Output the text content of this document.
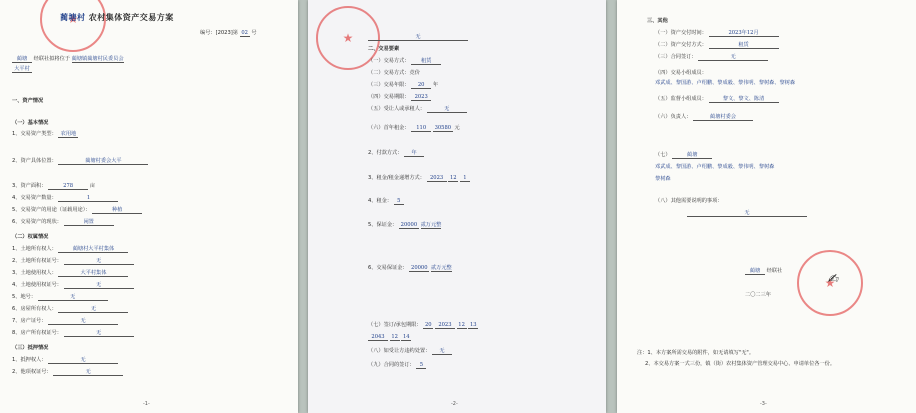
★
蔺塘村 农村集体资产交易方案
编号：[2023]第 02 号
蔺塘 经联社拟将位于 蔺塘镇蔺塘村民委员会
大平村
一、资产情况
（一）基本情况
1、交易资产类型： 农用地
2、资产具体位置：	蔺塘村委会大平
3、资产面积：	278	亩
4、交易资产数量：	1
5、交易资产的用途（证载用途）：	种植
6、交易资产的现状：	闲置
（二）权属情况
1、土地所有权人：	蔺塘村大平村集体
2、土地所有权证号：	无
3、土地使用权人：	大平村集体
4、土地使用权证号：	无
5、地号：	无
6、房屋所有权人：	无
7、房产证号：	无
8、房产所有权证号：	无
（三）抵押情况
1、抵押权人：	无
2、他项权证号：	无
-1-
★
无
二、交易要素
（一）交易方式： 租赁
（二）交易方式：竞价
（三）交易年限： 20 年
（四）交易期限： 2023
（五）受让人或承租人：	无
（六）首年租金： 110 30580 元
2、付款方式： 年
3、租金/租金递增方式： 2023 12 1
4、租金： 5
5、保证金： 20000 贰万元整
6、交易保证金： 20000 贰万元整
（七）签订/承包期限： 20 2023 12 13
2043 12 14
（八）如受让方违约处置： 无
（九）合同的签订： 5
-2-
三、其他
（一）资产交付时间：	2023年12月
（二）资产交付方式：	租赁
（三）合同签订：	无
（四）交易小组成员：
邓武成、黎国游、卢绍鹏、黎成毅、黎伟明、黎树森、黎树森
（五）监督小组成员：	黎文、黎文、陈清
（六）负责人：	蔺塘村委会
（七）	蔺塘
邓武成、黎国游、卢绍鹏、黎成毅、黎伟明、黎树森
黎树森
（八）其他需要说明的事项：
无
★
蔺塘 经联社
✍︎
二〇二三年
注：1、本方案所需交易的附件，如无请填写"无"。
2、本交易方案一式三份，镇（街）农村集体资产管理交易中心、申请单位各一份。
-3-
